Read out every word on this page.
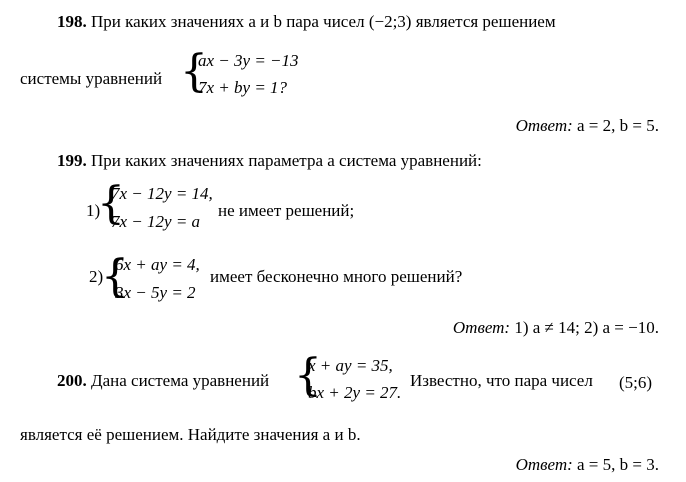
198. При каких значениях a и b пара чисел (−2;3) является решением
системы уравнений {
ax − 3y = −13
7x + by = 1?
Ответ: a = 2, b = 5.
199. При каких значениях параметра a система уравнений:
1)
{
7x − 12y = 14,
7x − 12y = a
не имеет решений;
2)
{
6x + ay = 4,
3x − 5y = 2
имеет бесконечно много решений?
Ответ: 1) a ≠ 14; 2) a = −10.
200. Дана система уравнений {
x + ay = 35,
bx + 2y = 27.
Известно, что пара чисел (5;6)
является её решением. Найдите значения a и b.
Ответ: a = 5, b = 3.
